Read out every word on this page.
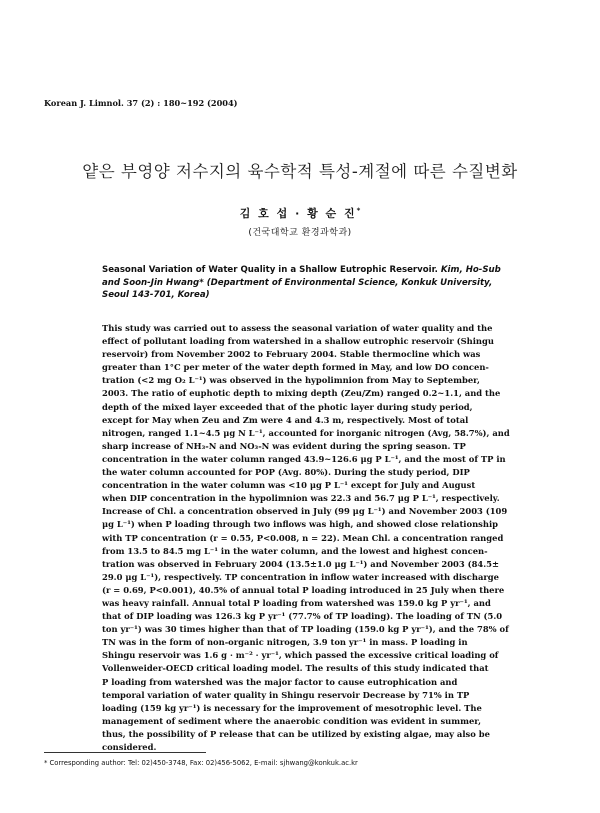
Korean J. Limnol. 37 (2) : 180~192 (2004)
얕은 부영양 저수지의 육수학적 특성-계절에 따른 수질변화
김 호 섭 · 황 순 진*
(건국대학교 환경과학과)
Seasonal Variation of Water Quality in a Shallow Eutrophic Reservoir. Kim, Ho-Sub and Soon-Jin Hwang* (Department of Environmental Science, Konkuk University, Seoul 143-701, Korea)
This study was carried out to assess the seasonal variation of water quality and the
effect of pollutant loading from watershed in a shallow eutrophic reservoir (Shingu
reservoir) from November 2002 to February 2004. Stable thermocline which was
greater than 1°C per meter of the water depth formed in May, and low DO concen-
tration (<2 mg O₂ L⁻¹) was observed in the hypolimnion from May to September,
2003. The ratio of euphotic depth to mixing depth (Zeu/Zm) ranged 0.2~1.1, and the
depth of the mixed layer exceeded that of the photic layer during study period,
except for May when Zeu and Zm were 4 and 4.3 m, respectively. Most of total
nitrogen, ranged 1.1~4.5 μg N L⁻¹, accounted for inorganic nitrogen (Avg, 58.7%), and
sharp increase of NH₃-N and NO₃-N was evident during the spring season. TP
concentration in the water column ranged 43.9~126.6 μg P L⁻¹, and the most of TP in
the water column accounted for POP (Avg. 80%). During the study period, DIP
concentration in the water column was <10 μg P L⁻¹ except for July and August
when DIP concentration in the hypolimnion was 22.3 and 56.7 μg P L⁻¹, respectively.
Increase of Chl. a concentration observed in July (99 μg L⁻¹) and November 2003 (109
μg L⁻¹) when P loading through two inflows was high, and showed close relationship
with TP concentration (r = 0.55, P<0.008, n = 22). Mean Chl. a concentration ranged
from 13.5 to 84.5 mg L⁻¹ in the water column, and the lowest and highest concen-
tration was observed in February 2004 (13.5±1.0 μg L⁻¹) and November 2003 (84.5±
29.0 μg L⁻¹), respectively. TP concentration in inflow water increased with discharge
(r = 0.69, P<0.001), 40.5% of annual total P loading introduced in 25 July when there
was heavy rainfall. Annual total P loading from watershed was 159.0 kg P yr⁻¹, and
that of DIP loading was 126.3 kg P yr⁻¹ (77.7% of TP loading). The loading of TN (5.0
ton yr⁻¹) was 30 times higher than that of TP loading (159.0 kg P yr⁻¹), and the 78% of
TN was in the form of non-organic nitrogen, 3.9 ton yr⁻¹ in mass. P loading in
Shingu reservoir was 1.6 g · m⁻² · yr⁻¹, which passed the excessive critical loading of
Vollenweider-OECD critical loading model. The results of this study indicated that
P loading from watershed was the major factor to cause eutrophication and
temporal variation of water quality in Shingu reservoir Decrease by 71% in TP
loading (159 kg yr⁻¹) is necessary for the improvement of mesotrophic level. The
management of sediment where the anaerobic condition was evident in summer,
thus, the possibility of P release that can be utilized by existing algae, may also be
considered.
* Corresponding author: Tel: 02)450-3748, Fax: 02)456-5062, E-mail: sjhwang@konkuk.ac.kr
